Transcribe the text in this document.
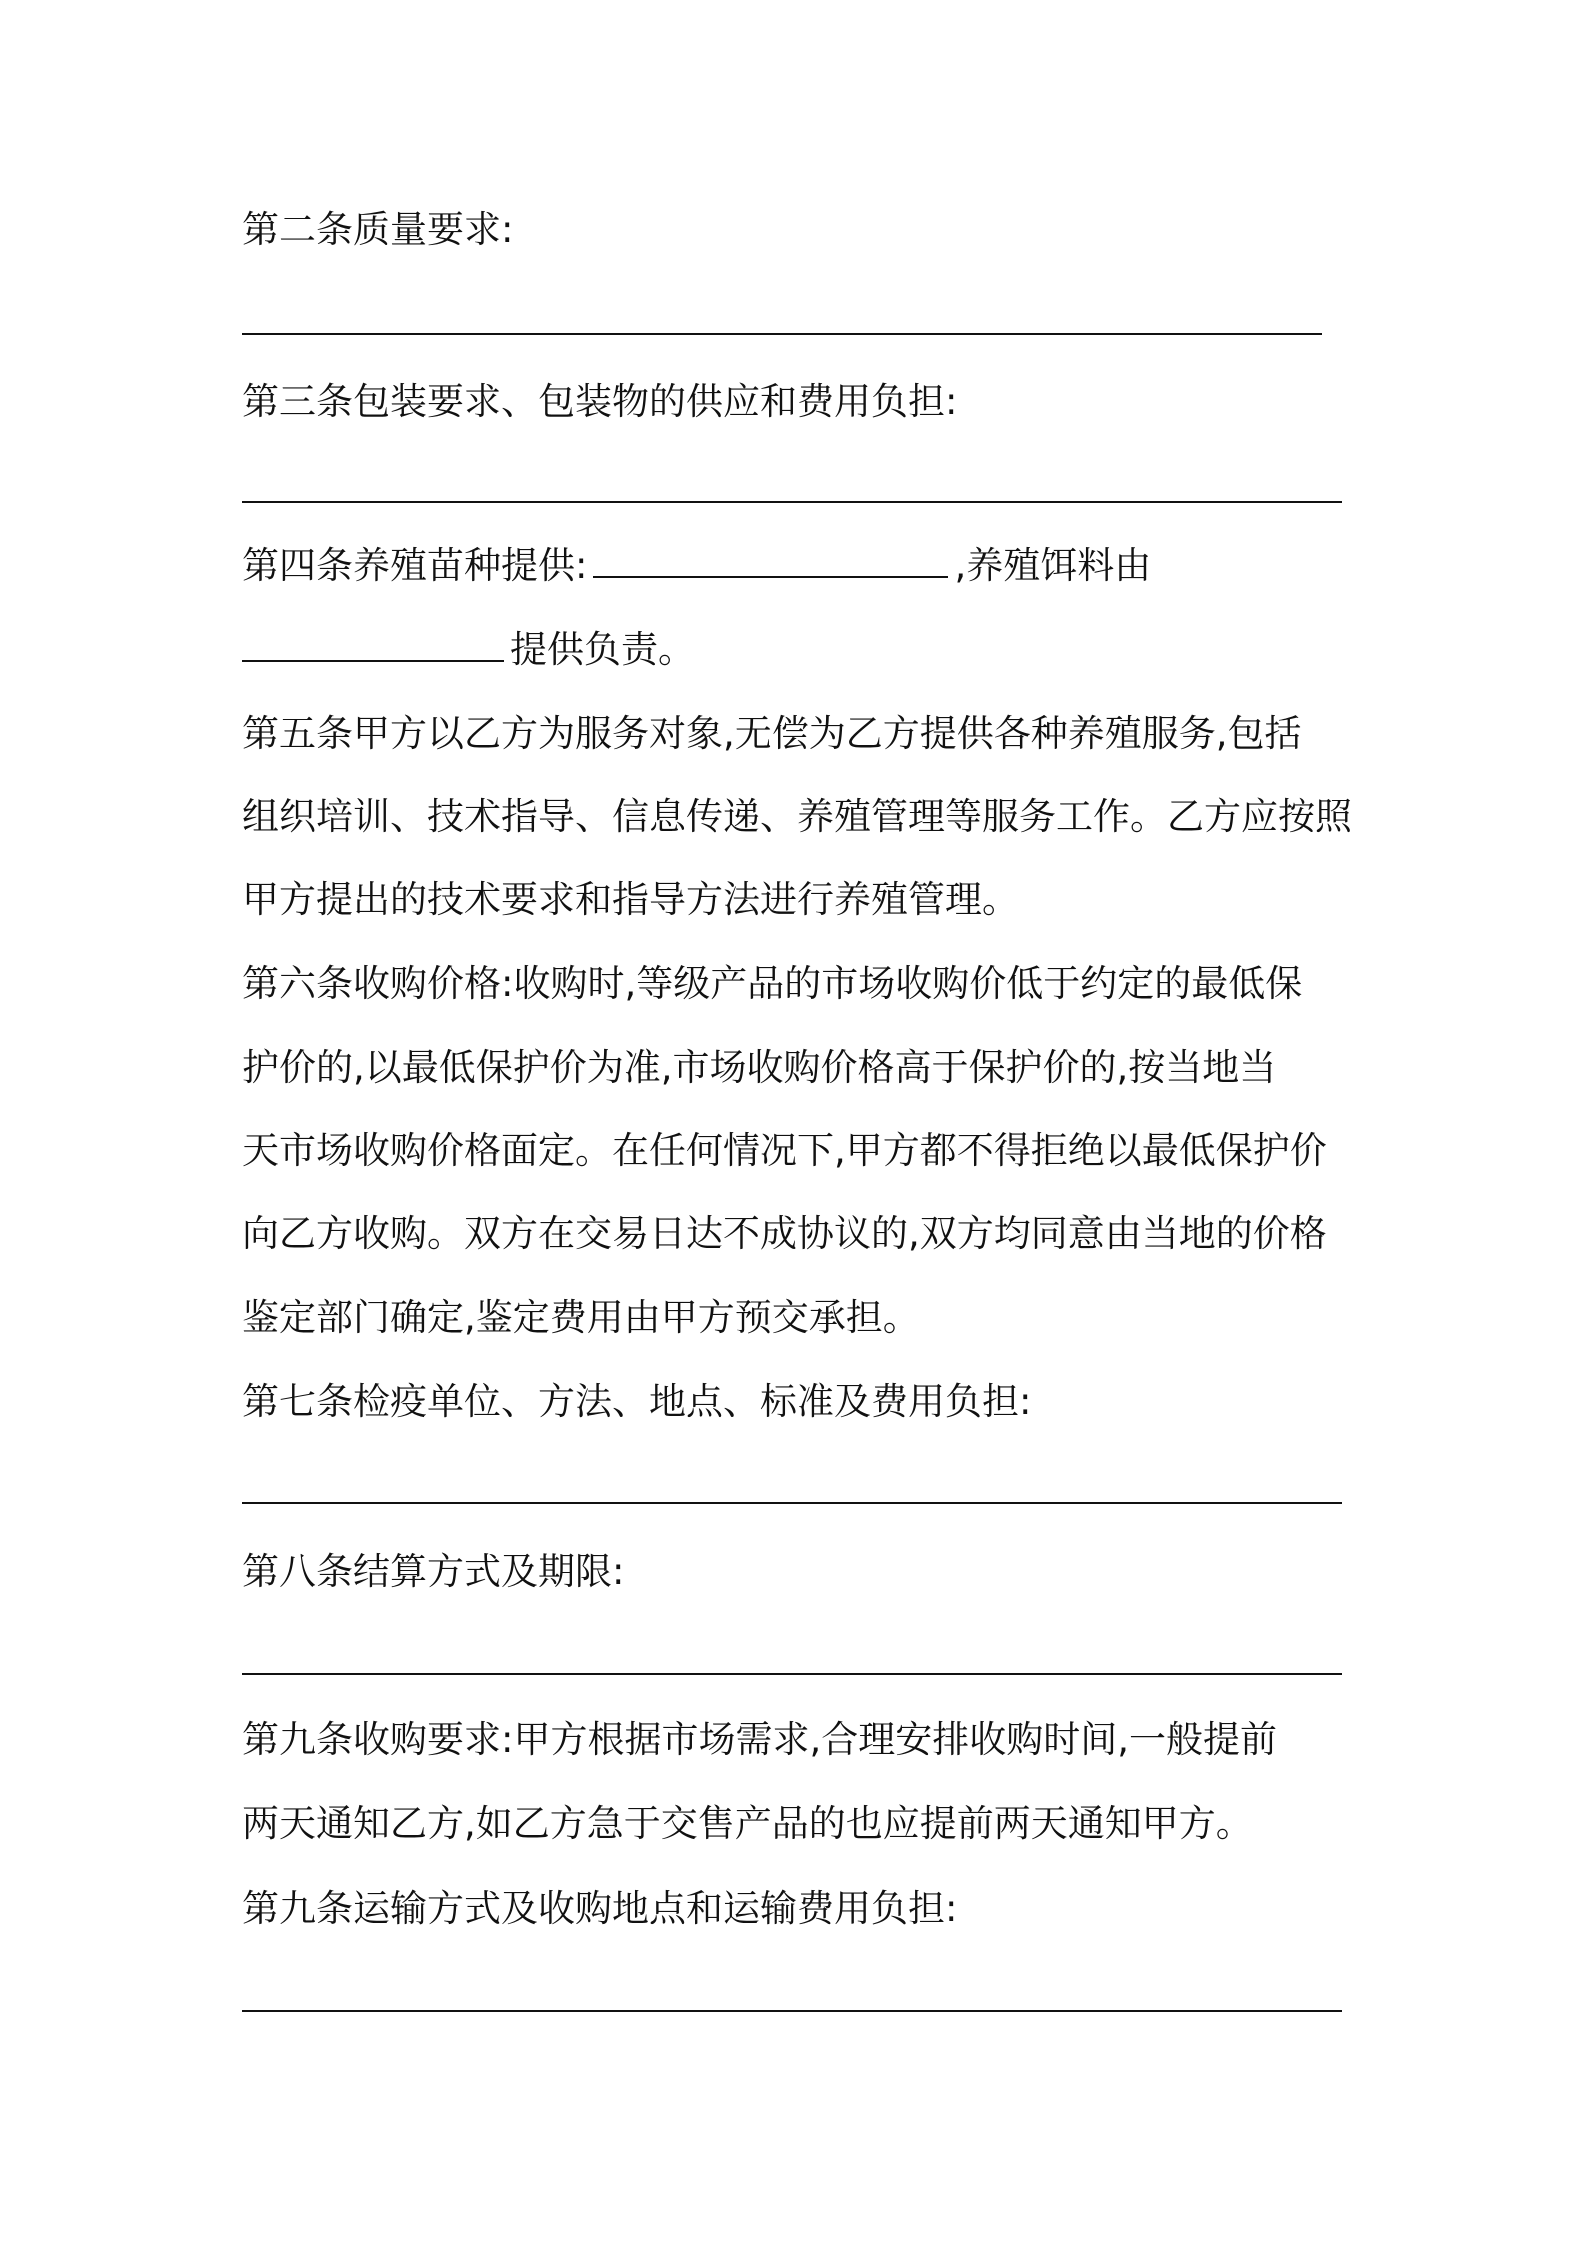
第二条质量要求:
第三条包装要求、包装物的供应和费用负担:
第四条养殖苗种提供:	,养殖饵料由
提供负责。
第五条甲方以乙方为服务对象,无偿为乙方提供各种养殖服务,包括
组织培训、技术指导、信息传递、养殖管理等服务工作。乙方应按照
甲方提出的技术要求和指导方法进行养殖管理。
第六条收购价格:收购时,等级产品的市场收购价低于约定的最低保
护价的,以最低保护价为准,市场收购价格高于保护价的,按当地当
天市场收购价格面定。在任何情况下,甲方都不得拒绝以最低保护价
向乙方收购。双方在交易日达不成协议的,双方均同意由当地的价格
鉴定部门确定,鉴定费用由甲方预交承担。
第七条检疫单位、方法、地点、标准及费用负担:
第八条结算方式及期限:
第九条收购要求:甲方根据市场需求,合理安排收购时间,一般提前
两天通知乙方,如乙方急于交售产品的也应提前两天通知甲方。
第九条运输方式及收购地点和运输费用负担:
